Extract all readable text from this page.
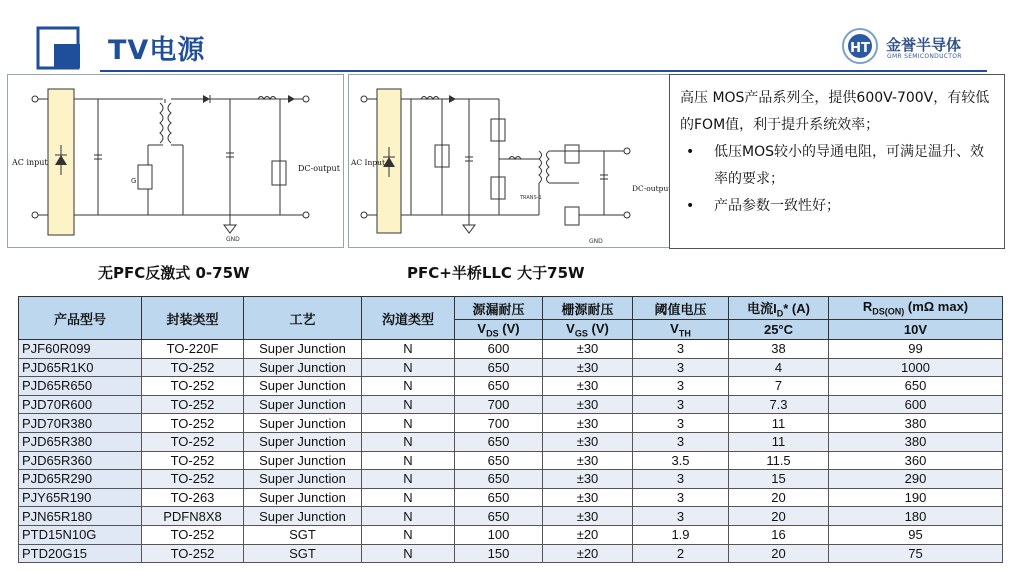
TV电源	HT 金誉半导体
GMR SEMICONDUCTOR
G
GND
AC input
DC-output
TRANS-1
GND
AC Input
DC-output
高压 MOS产品系列全，提供600V-700V，有较低的FOM值，利于提升系统效率；
• 低压MOS较小的导通电阻，可满足温升、效率的要求；
• 产品参数一致性好；
无PFC反激式 0-75W	PFC+半桥LLC 大于75W
产品型号	封装类型	工艺	沟道类型	源漏耐压	栅源耐压	阈值电压	电流$I_D*$ (A)	$R_{DS(ON)}$ (mΩ max)
				$V_{DS}$ (V)	$V_{GS}$ (V)	$V_{TH}$	25°C	10V
PJF60R099	TO-220F	Super Junction	N	600	±30	3	38	99
PJD65R1K0	TO-252	Super Junction	N	650	±30	3	4	1000
PJD65R650	TO-252	Super Junction	N	650	±30	3	7	650
PJD70R600	TO-252	Super Junction	N	700	±30	3	7.3	600
PJD70R380	TO-252	Super Junction	N	700	±30	3	11	380
PJD65R380	TO-252	Super Junction	N	650	±30	3	11	380
PJD65R360	TO-252	Super Junction	N	650	±30	3.5	11.5	360
PJD65R290	TO-252	Super Junction	N	650	±30	3	15	290
PJY65R190	TO-263	Super Junction	N	650	±30	3	20	190
PJN65R180	PDFN8X8	Super Junction	N	650	±30	3	20	180
PTD15N10G	TO-252	SGT	N	100	±20	1.9	16	95
PTD20G15	TO-252	SGT	N	150	±20	2	20	75
